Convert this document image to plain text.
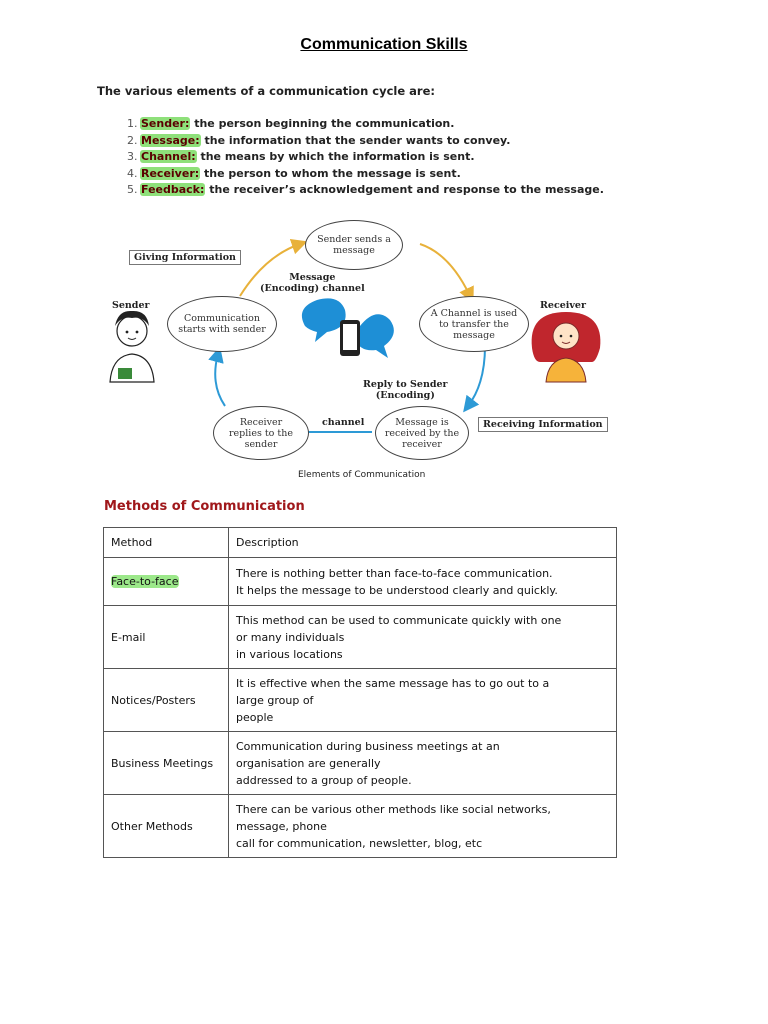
Communication Skills
The various elements of a communication cycle are:
1. Sender: the person beginning the communication.
2. Message: the information that the sender wants to convey.
3. Channel: the means by which the information is sent.
4. Receiver: the person to whom the message is sent.
5. Feedback: the receiver’s acknowledgement and response to the message.
Sender sends a message
Communication starts with sender
A Channel is used to transfer the message
Message is received by the receiver
Receiver replies to the sender
Giving Information
Receiving Information
Message
(Encoding) channel
Reply to Sender
(Encoding)
channel
Sender	Receiver
Elements of Communication
Methods of Communication
Method	Description
Face-to-face	There is nothing better than face-to-face communication.
It helps the message to be understood clearly and quickly.

E-mail	This method can be used to communicate quickly with one
or many individuals
in various locations

Notices/Posters	It is effective when the same message has to go out to a
large group of
people

Business Meetings	Communication during business meetings at an
organisation are generally
addressed to a group of people.

Other Methods	There can be various other methods like social networks,
message, phone
call for communication, newsletter, blog, etc
